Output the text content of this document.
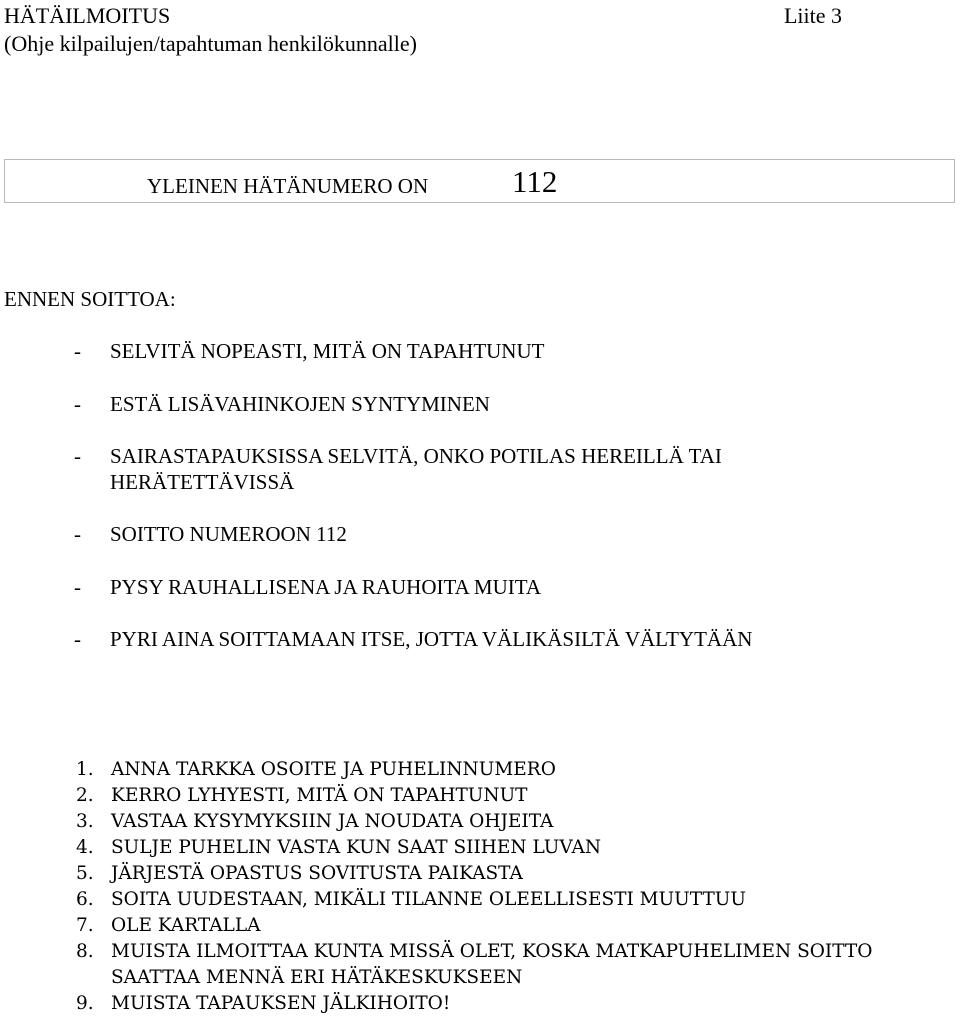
HÄTÄILMOITUS	Liite 3
(Ohje kilpailujen/tapahtuman henkilökunnalle)
YLEINEN HÄTÄNUMERO ON	112
ENNEN SOITTOA:
- SELVITÄ NOPEASTI, MITÄ ON TAPAHTUNUT
- ESTÄ LISÄVAHINKOJEN SYNTYMINEN
- SAIRASTAPAUKSISSA SELVITÄ, ONKO POTILAS HEREILLÄ TAI HERÄTETTÄVISSÄ
- SOITTO NUMEROON 112
- PYSY RAUHALLISENA JA RAUHOITA MUITA
- PYRI AINA SOITTAMAAN ITSE, JOTTA VÄLIKÄSILTÄ VÄLTYTÄÄN
1. ANNA TARKKA OSOITE JA PUHELINNUMERO
2. KERRO LYHYESTI, MITÄ ON TAPAHTUNUT
3. VASTAA KYSYMYKSIIN JA NOUDATA OHJEITA
4. SULJE PUHELIN VASTA KUN SAAT SIIHEN LUVAN
5. JÄRJESTÄ OPASTUS SOVITUSTA PAIKASTA
6. SOITA UUDESTAAN, MIKÄLI TILANNE OLEELLISESTI MUUTTUU
7. OLE KARTALLA
8. MUISTA ILMOITTAA KUNTA MISSÄ OLET, KOSKA MATKAPUHELIMEN SOITTO SAATTAA MENNÄ ERI HÄTÄKESKUKSEEN
9. MUISTA TAPAUKSEN JÄLKIHOITO!
